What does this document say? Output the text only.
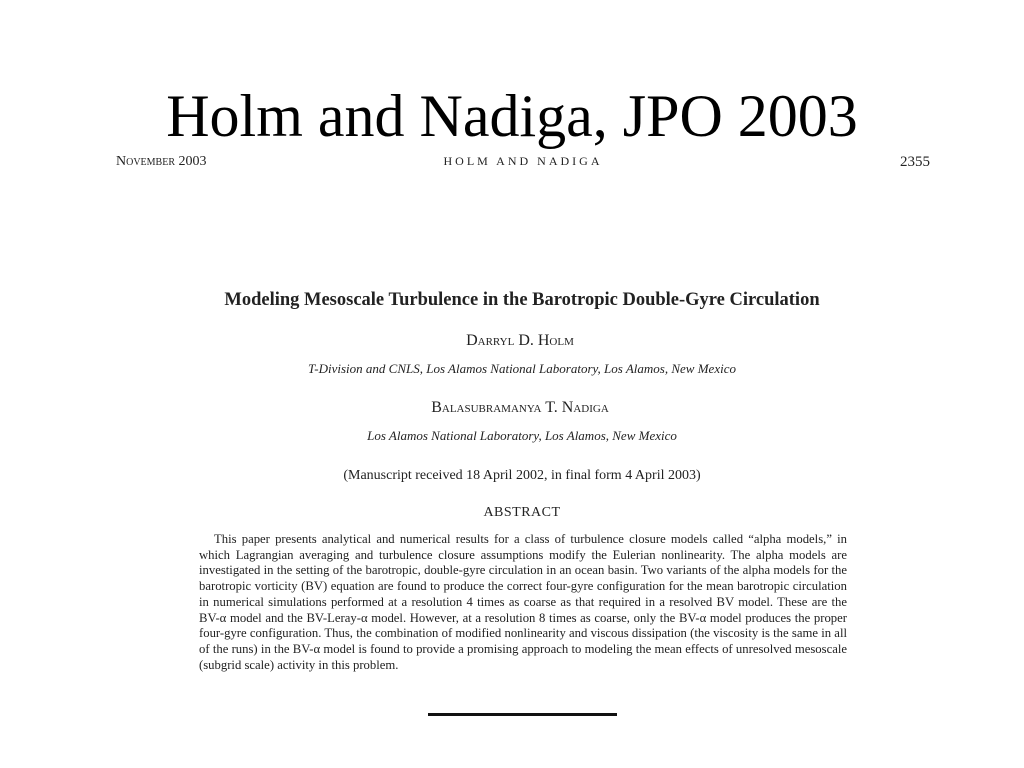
Holm and Nadiga, JPO 2003
November 2003	HOLM AND NADIGA	2355
Modeling Mesoscale Turbulence in the Barotropic Double-Gyre Circulation
Darryl D. Holm
T-Division and CNLS, Los Alamos National Laboratory, Los Alamos, New Mexico
Balasubramanya T. Nadiga
Los Alamos National Laboratory, Los Alamos, New Mexico
(Manuscript received 18 April 2002, in final form 4 April 2003)
ABSTRACT

This paper presents analytical and numerical results for a class of turbulence closure models called “alpha models,” in which Lagrangian averaging and turbulence closure assumptions modify the Eulerian nonlinearity. The alpha models are investigated in the setting of the barotropic, double-gyre circulation in an ocean basin. Two variants of the alpha models for the barotropic vorticity (BV) equation are found to produce the correct four-gyre configuration for the mean barotropic circulation in numerical simulations performed at a resolution 4 times as coarse as that required in a resolved BV model. These are the BV-α model and the BV-Leray-α model. However, at a resolution 8 times as coarse, only the BV-α model produces the proper four-gyre configuration. Thus, the combination of modified nonlinearity and viscous dissipation (the viscosity is the same in all of the runs) in the BV-α model is found to provide a promising approach to modeling the mean effects of unresolved mesoscale (subgrid scale) activity in this problem.
